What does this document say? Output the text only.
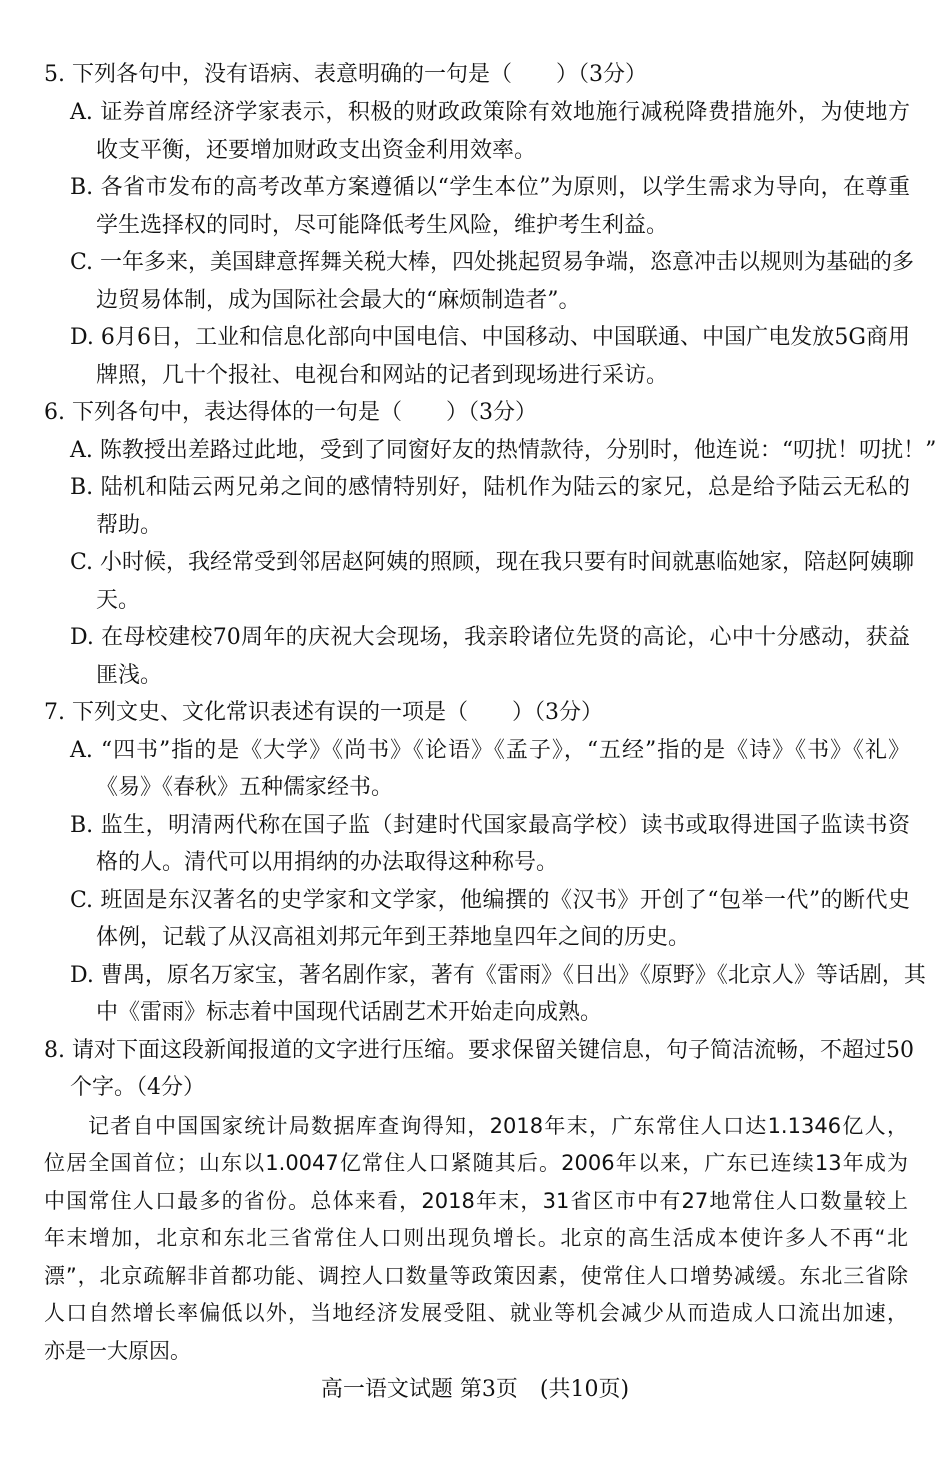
5. 下列各句中，没有语病、表意明确的一句是（　　）（3分）
A. 证券首席经济学家表示，积极的财政政策除有效地施行减税降费措施外，为使地方
收支平衡，还要增加财政支出资金利用效率。
B. 各省市发布的高考改革方案遵循以“学生本位”为原则，以学生需求为导向，在尊重
学生选择权的同时，尽可能降低考生风险，维护考生利益。
C. 一年多来，美国肆意挥舞关税大棒，四处挑起贸易争端，恣意冲击以规则为基础的多
边贸易体制，成为国际社会最大的“麻烦制造者”。
D. 6月6日，工业和信息化部向中国电信、中国移动、中国联通、中国广电发放5G商用
牌照，几十个报社、电视台和网站的记者到现场进行采访。
6. 下列各句中，表达得体的一句是（　　）（3分）
A. 陈教授出差路过此地，受到了同窗好友的热情款待，分别时，他连说：“叨扰！叨扰！”
B. 陆机和陆云两兄弟之间的感情特别好，陆机作为陆云的家兄，总是给予陆云无私的
帮助。
C. 小时候，我经常受到邻居赵阿姨的照顾，现在我只要有时间就惠临她家，陪赵阿姨聊
天。
D. 在母校建校70周年的庆祝大会现场，我亲聆诸位先贤的高论，心中十分感动，获益
匪浅。
7. 下列文史、文化常识表述有误的一项是（　　）（3分）
A. “四书”指的是《大学》《尚书》《论语》《孟子》，“五经”指的是《诗》《书》《礼》
《易》《春秋》五种儒家经书。
B. 监生，明清两代称在国子监（封建时代国家最高学校）读书或取得进国子监读书资
格的人。清代可以用捐纳的办法取得这种称号。
C. 班固是东汉著名的史学家和文学家，他编撰的《汉书》开创了“包举一代”的断代史
体例，记载了从汉高祖刘邦元年到王莽地皇四年之间的历史。
D. 曹禺，原名万家宝，著名剧作家，著有《雷雨》《日出》《原野》《北京人》等话剧，其
中《雷雨》标志着中国现代话剧艺术开始走向成熟。
8. 请对下面这段新闻报道的文字进行压缩。要求保留关键信息，句子简洁流畅，不超过50
个字。（4分）
记者自中国国家统计局数据库查询得知，2018年末，广东常住人口达1.1346亿人，
位居全国首位；山东以1.0047亿常住人口紧随其后。2006年以来，广东已连续13年成为
中国常住人口最多的省份。总体来看，2018年末，31省区市中有27地常住人口数量较上
年末增加，北京和东北三省常住人口则出现负增长。北京的高生活成本使许多人不再“北
漂”，北京疏解非首都功能、调控人口数量等政策因素，使常住人口增势减缓。东北三省除
人口自然增长率偏低以外，当地经济发展受阻、就业等机会减少从而造成人口流出加速，
亦是一大原因。
高一语文试题 第3页　(共10页)
